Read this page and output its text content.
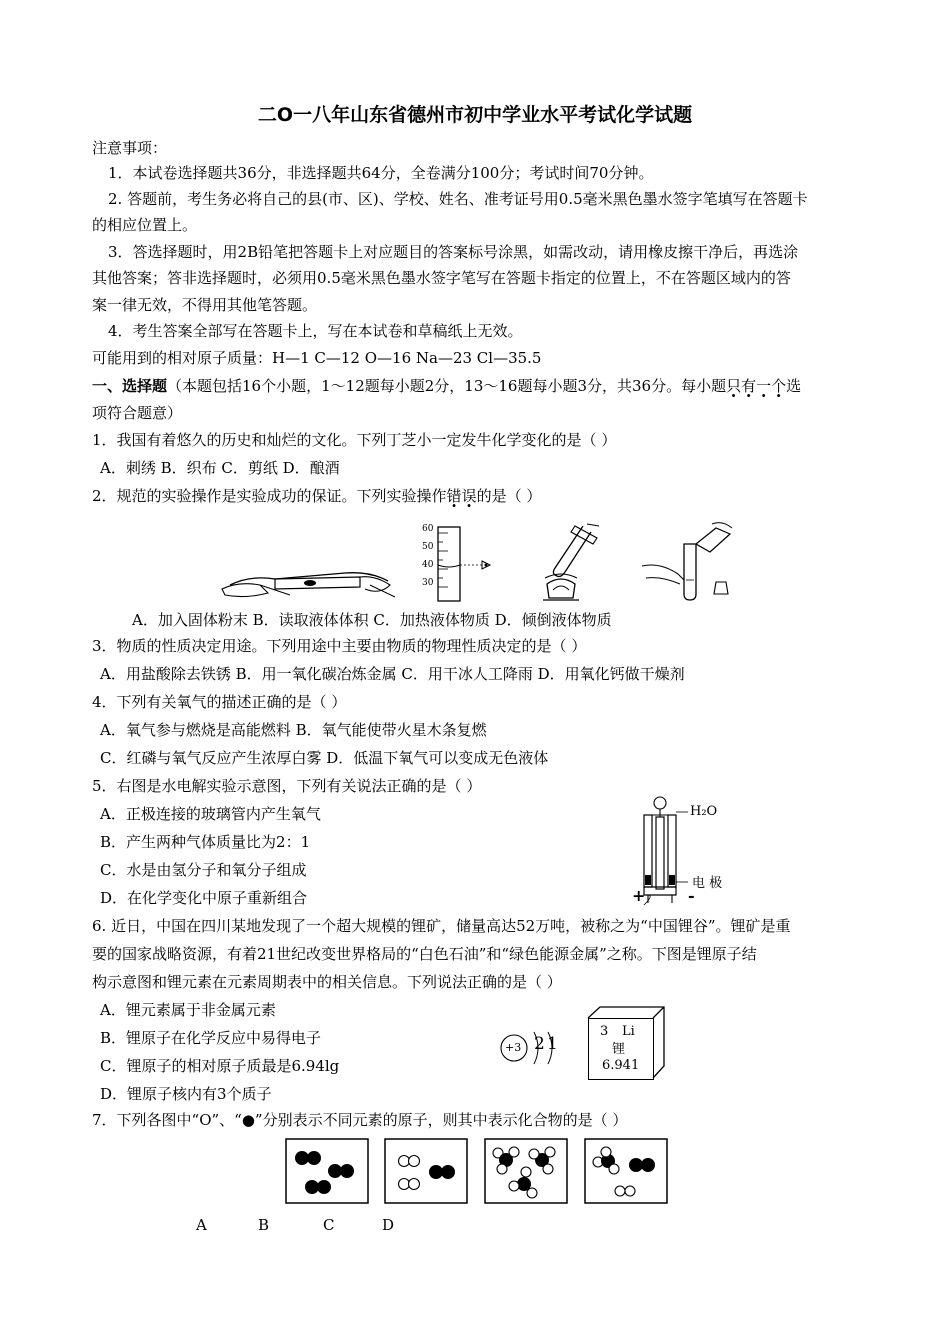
二O一八年山东省德州市初中学业水平考试化学试题
注意事项：
1．本试卷选择题共36分，非选择题共64分，全卷满分100分；考试时间70分钟。
2. 答题前，考生务必将自己的县(市、区)、学校、姓名、准考证号用0.5毫米黑色墨水签字笔填写在答题卡
的相应位置上。
3．答选择题时，用2B铅笔把答题卡上对应题目的答案标号涂黑，如需改动，请用橡皮擦干净后，再选涂
其他答案；答非选择题时，必须用0.5毫米黑色墨水签字笔写在答题卡指定的位置上，不在答题区域内的答
案一律无效，不得用其他笔答题。
4．考生答案全部写在答题卡上，写在本试卷和草稿纸上无效。
可能用到的相对原子质量：H—1 C—12 O—16 Na—23 Cl—35.5
一、选择题（本题包括16个小题，1～12题每小题2分，13～16题每小题3分，共36分。每小题只有一个选
项符合题意）
1．我国有着悠久的历史和灿烂的文化。下列丁芝小一定发牛化学变化的是（ ）
A．刺绣 B．织布 C．剪纸 D．酿酒
2．规范的实验操作是实验成功的保证。下列实验操作错误的是（ ）
60
50
40
30
A．加入固体粉末 B．读取液体体积 C．加热液体物质 D．倾倒液体物质
3．物质的性质决定用途。下列用途中主要由物质的物理性质决定的是（ ）
A．用盐酸除去铁锈 B．用一氧化碳冶炼金属 C．用干冰人工降雨 D．用氧化钙做干燥剂
4．下列有关氧气的描述正确的是（ ）
A．氧气参与燃烧是高能燃料 B．氧气能使带火星木条复燃
C．红磷与氧气反应产生浓厚白雾 D．低温下氧气可以变成无色液体
5．右图是水电解实验示意图，下列有关说法正确的是（ ）
A．正极连接的玻璃管内产生氧气
B．产生两种气体质量比为2：1
C．水是由氢分子和氧分子组成
D．在化学变化中原子重新组合
H₂O
电 极
+	-
6. 近日，中国在四川某地发现了一个超大规模的锂矿，储量高达52万吨，被称之为“中国锂谷”。锂矿是重
要的国家战略资源，有着21世纪改变世界格局的“白色石油”和“绿色能源金属”之称。下图是锂原子结
构示意图和锂元素在元素周期表中的相关信息。下列说法正确的是（ ）
A．锂元素属于非金属元素
B．锂原子在化学反应中易得电子
C．锂原子的相对原子质最是6.94lg
D．锂原子核内有3个质子
+3 2 1
3 Li
锂
6.941
7．下列各图中“O”、“●”分别表示不同元素的原子，则其中表示化合物的是（ ）
A	B	C	D
